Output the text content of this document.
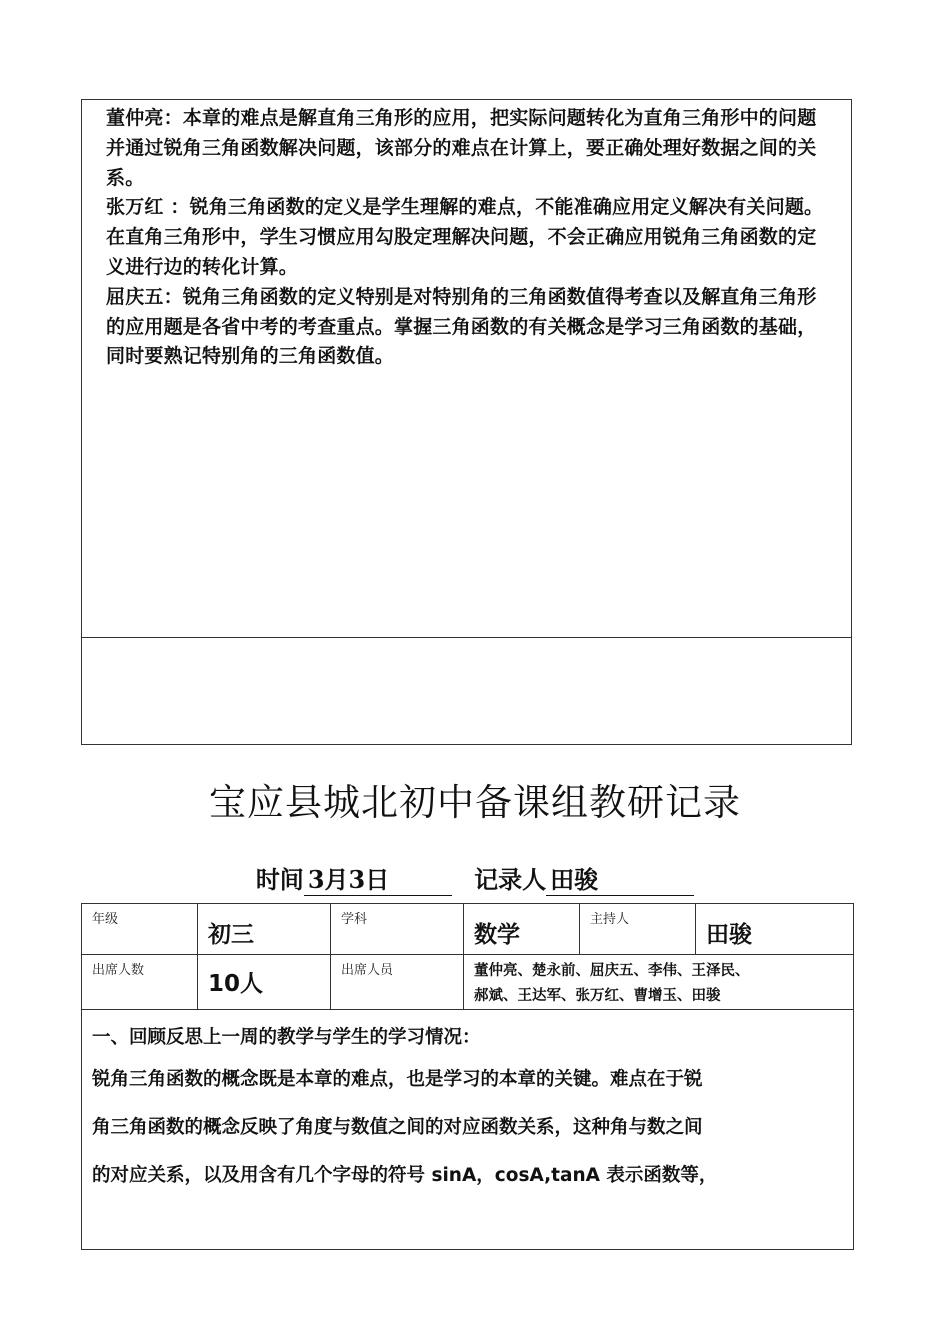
董仲亮：本章的难点是解直角三角形的应用，把实际问题转化为直角三角形中的问题并通过锐角三角函数解决问题，该部分的难点在计算上，要正确处理好数据之间的关系。

张万红 ：锐角三角函数的定义是学生理解的难点，不能准确应用定义解决有关问题。在直角三角形中，学生习惯应用勾股定理解决问题，不会正确应用锐角三角函数的定义进行边的转化计算。

屈庆五：锐角三角函数的定义特别是对特别角的三角函数值得考查以及解直角三角形的应用题是各省中考的考查重点。掌握三角函数的有关概念是学习三角函数的基础，同时要熟记特别角的三角函数值。

宝应县城北初中备课组教研记录
时间 3月3日	记录人 田骏
年级	初三	学科	数学	主持人	田骏
出席人数	10人	出席人员	董仲亮、楚永前、屈庆五、李伟、王泽民、
郝斌、王达军、张万红、曹增玉、田骏		

一、回顾反思上一周的教学与学生的学习情况：

锐角三角函数的概念既是本章的难点，也是学习的本章的关键。难点在于锐

角三角函数的概念反映了角度与数值之间的对应函数关系，这种角与数之间

的对应关系，以及用含有几个字母的符号 sinA，cosA,tanA 表示函数等，					
